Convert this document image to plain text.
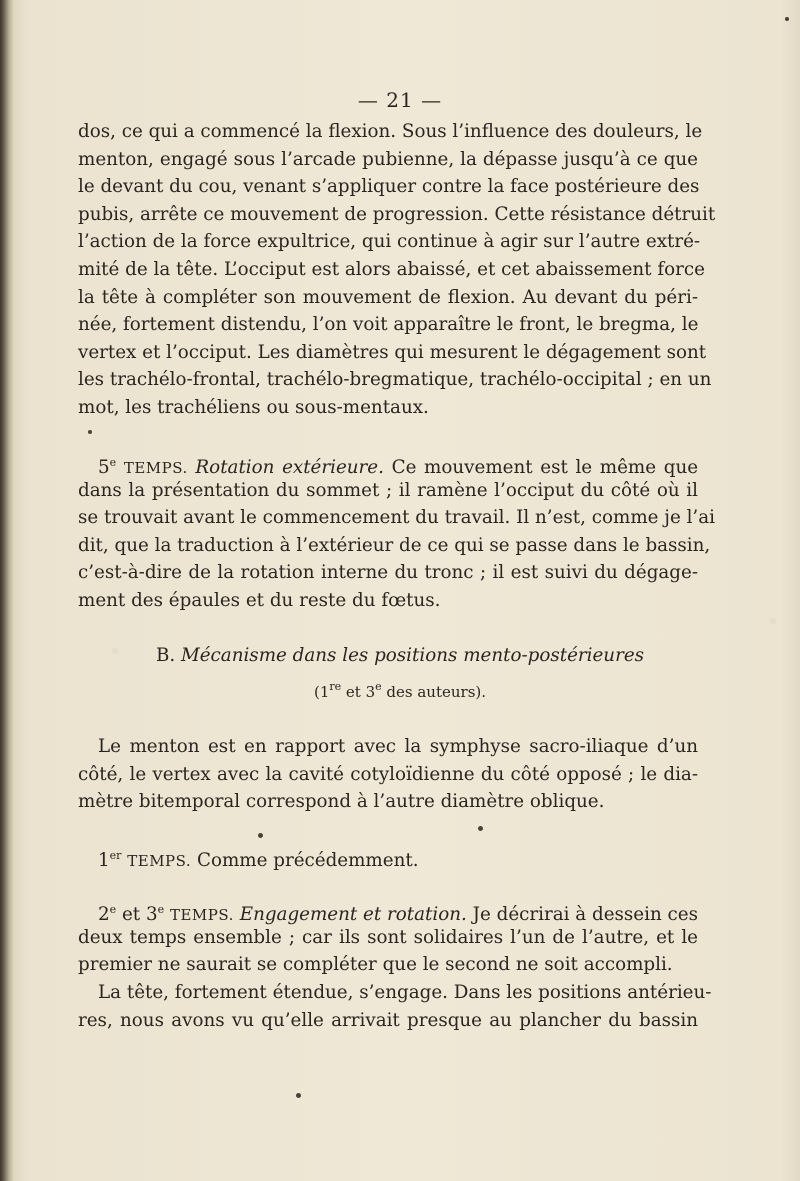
— 21 —
dos, ce qui a commencé la flexion. Sous l’influence des douleurs, le
menton, engagé sous l’arcade pubienne, la dépasse jusqu’à ce que
le devant du cou, venant s’appliquer contre la face postérieure des
pubis, arrête ce mouvement de progression. Cette résistance détruit
l’action de la force expultrice, qui continue à agir sur l’autre extré-
mité de la tête. L’occiput est alors abaissé, et cet abaissement force
la tête à compléter son mouvement de flexion. Au devant du péri-
née, fortement distendu, l’on voit apparaître le front, le bregma, le
vertex et l’occiput. Les diamètres qui mesurent le dégagement sont
les trachélo-frontal, trachélo-bregmatique, trachélo-occipital ; en un
mot, les trachéliens ou sous-mentaux.
5e TEMPS. Rotation extérieure. Ce mouvement est le même que
dans la présentation du sommet ; il ramène l’occiput du côté où il
se trouvait avant le commencement du travail. Il n’est, comme je l’ai
dit, que la traduction à l’extérieur de ce qui se passe dans le bassin,
c’est-à-dire de la rotation interne du tronc ; il est suivi du dégage-
ment des épaules et du reste du fœtus.
B. Mécanisme dans les positions mento-postérieures
(1re et 3e des auteurs).
Le menton est en rapport avec la symphyse sacro-iliaque d’un
côté, le vertex avec la cavité cotyloïdienne du côté opposé ; le dia-
mètre bitemporal correspond à l’autre diamètre oblique.
1er TEMPS. Comme précédemment.
2e et 3e TEMPS. Engagement et rotation. Je décrirai à dessein ces
deux temps ensemble ; car ils sont solidaires l’un de l’autre, et le
premier ne saurait se compléter que le second ne soit accompli.
La tête, fortement étendue, s’engage. Dans les positions antérieu-
res, nous avons vu qu’elle arrivait presque au plancher du bassin
